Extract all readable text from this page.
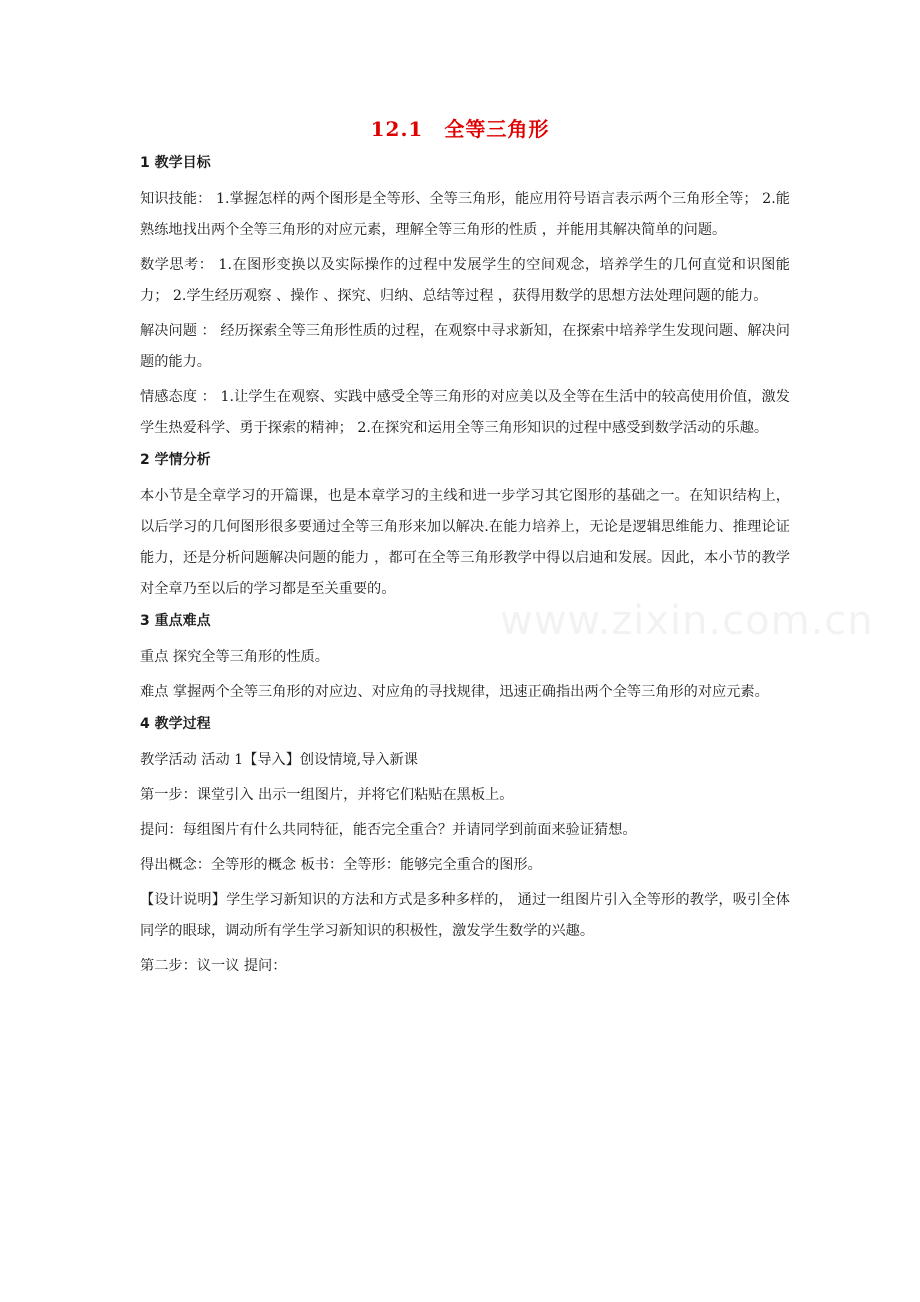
www.zixin.com.cn
12.1　全等三角形
1 教学目标

知识技能： 1.掌握怎样的两个图形是全等形、全等三角形，能应用符号语言表示两个三角形全等； 2.能熟练地找出两个全等三角形的对应元素，理解全等三角形的性质 ，并能用其解决简单的问题。

数学思考： 1.在图形变换以及实际操作的过程中发展学生的空间观念，培养学生的几何直觉和识图能力； 2.学生经历观察 、操作 、探究、归纳、总结等过程 ，获得用数学的思想方法处理问题的能力。

解决问题 ： 经历探索全等三角形性质的过程，在观察中寻求新知，在探索中培养学生发现问题、解决问题的能力。

情感态度 ： 1.让学生在观察、实践中感受全等三角形的对应美以及全等在生活中的较高使用价值，激发学生热爱科学、勇于探索的精神； 2.在探究和运用全等三角形知识的过程中感受到数学活动的乐趣。

2 学情分析

本小节是全章学习的开篇课，也是本章学习的主线和进一步学习其它图形的基础之一。在知识结构上，以后学习的几何图形很多要通过全等三角形来加以解决.在能力培养上，无论是逻辑思维能力、推理论证能力，还是分析问题解决问题的能力 ，都可在全等三角形教学中得以启迪和发展。因此，本小节的教学对全章乃至以后的学习都是至关重要的。

3 重点难点

重点 探究全等三角形的性质。

难点 掌握两个全等三角形的对应边、对应角的寻找规律，迅速正确指出两个全等三角形的对应元素。

4 教学过程

教学活动 活动 1【导入】创设情境,导入新课

第一步：课堂引入 出示一组图片，并将它们粘贴在黑板上。

提问：每组图片有什么共同特征，能否完全重合？并请同学到前面来验证猜想。

得出概念：全等形的概念 板书：全等形：能够完全重合的图形。

【设计说明】学生学习新知识的方法和方式是多种多样的， 通过一组图片引入全等形的教学，吸引全体同学的眼球，调动所有学生学习新知识的积极性，激发学生数学的兴趣。

第二步：议一议 提问：
